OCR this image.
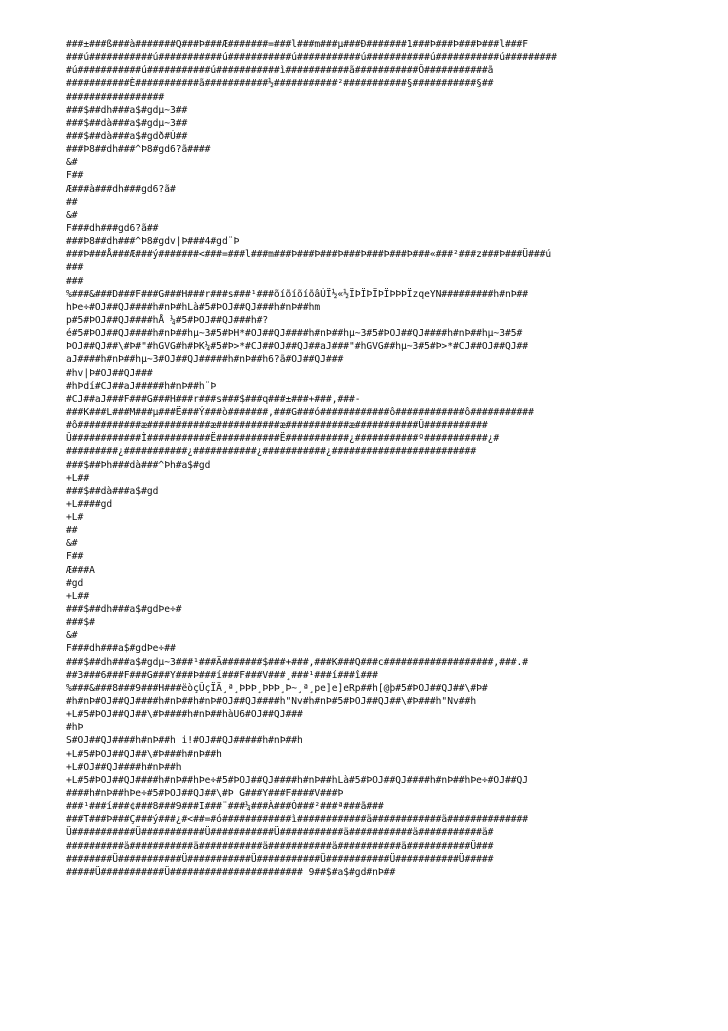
###±###ß###à#######Q###Þ###Æ#######=###l###m###µ###Ð#######1###Þ###Þ###Þ###l###F
###ú###########ú###########ú###########ú###########ú###########ú###########ú#########
#ú###########ú###########ú###########ì###########ã###########Ô###########ã
###########È###########ã###########½###########²###########§###########§##
#################
###$##dh###a$#gdµ~3##
###$##dà###a$#gdµ~3##
###$##dà###a$#gdð#Ú##
###Þ8##dh###^Þ8#gd6?ã####
&#
F##
Æ###à###dh###gd6?ã#
##
&#
F###dh###gd6?ã##
###Þ8##dh###^Þ8#gdv|Þ###4#gd¨Þ
###Þ###Å###Æ###ý#######<###=###l###m###Þ###Þ###Þ###Þ###Þ###Þ###«###²###z###Þ###Ü###ú
###
###
%###&###D###F###G###H###r###s###¹###õíõíõíõâÚÏ½«½ÏÞÏÞÏÞÏÞÞÞÏzqeYN#########h#nÞ##
hÞe÷#OJ##QJ####h#nÞ#hLà#5#ÞOJ##QJ###h#nÞ##hm
p#5#ÞOJ##QJ####hÅ ¼#5#ÞOJ##QJ###h#?
é#5#ÞOJ##QJ####h#nÞ##hµ~3#5#ÞH*#OJ##QJ####h#nÞ##hµ~3#5#ÞOJ##QJ####h#nÞ##hµ~3#5#
ÞOJ##QJ##\#Þ#"#hGVG#h#ÞK¼#5#Þ>*#CJ##OJ##QJ##aJ###"#hGVG##hµ~3#5#Þ>*#CJ##OJ##QJ##
aJ####h#nÞ##hµ~3#OJ##QJ#####h#nÞ##h6?ã#OJ##QJ###
#hv|Þ#OJ##QJ###
#hÞdí#CJ##aJ#####h#nÞ##h¨Þ
#CJ##aJ###F###G###H###r###s###$###q###±###+###,###-
###K###L###M###µ###Ë###Ý###ò#######,###G###ó############ô############ô###########
#ô###########æ###########æ###########æ###########æ###########Û###########
Û############Ì###########Ë###########Ë###########¿###########º###########¿#
#########¿###########¿###########¿###########¿#########################
###$##Þh###dà###^Þh#a$#gd
+L##
###$##dà###a$#gd
+L####gd
+L#
##
&#
F##
Æ###A
#gd
+L##
###$##dh###a$#gdÞe÷#
###$#
&#
F###dh###a$#gdÞe÷##
###$##dh###a$#gdµ~3###¹###Ä#######$###+###,###K###Q###c###################,###.#
##3###6###F###G###Y###Þ###í###F###V###¸###¹###í###î###
%###&###8###9###H###ëòçÛçÏÃ¸ª¸ÞÞÞ¸ÞÞÞ¸Þ~¸ª¸pe]e]eRp##h[@þ#5#ÞOJ##QJ##\#Þ#
#h#nÞ#OJ##QJ####h#nÞ##h#nÞ#OJ##QJ####h"Nv#h#nÞ#5#ÞOJ##QJ##\#Þ###h"Nv##h
+L#5#ÞOJ##QJ##\#Þ####h#nÞ##hàU6#OJ##QJ###
#hÞ
S#OJ##QJ####h#nÞ##h i!#OJ##QJ#####h#nÞ##h
+L#5#ÞOJ##QJ##\#Þ###h#nÞ##h
+L#OJ##QJ####h#nÞ##h
+L#5#ÞOJ##QJ####h#nÞ##hÞe÷#5#ÞOJ##QJ####h#nÞ##hLà#5#ÞOJ##QJ####h#nÞ##hÞe÷#OJ##QJ
####h#nÞ##hÞe÷#5#ÞOJ##QJ##\#Þ G###Y###F####V###Þ
###¹###í###¢###8###9###I###¨###¼###À###Ó###²###ª###ã###
###T###Þ###Ç###ý###¿#<##=#ó############ì############ä############ä##############
Ü###########Ü###########Ü###########Ü###########ä###########ä###########ä#
##########ä###########ä###########ä###########ä###########ä###########Ü###
########Ü###########Ü###########Ü###########Ü###########Ü###########Ü#####
#####Ü###########Ü####################### 9##$#a$#gd#nÞ##
